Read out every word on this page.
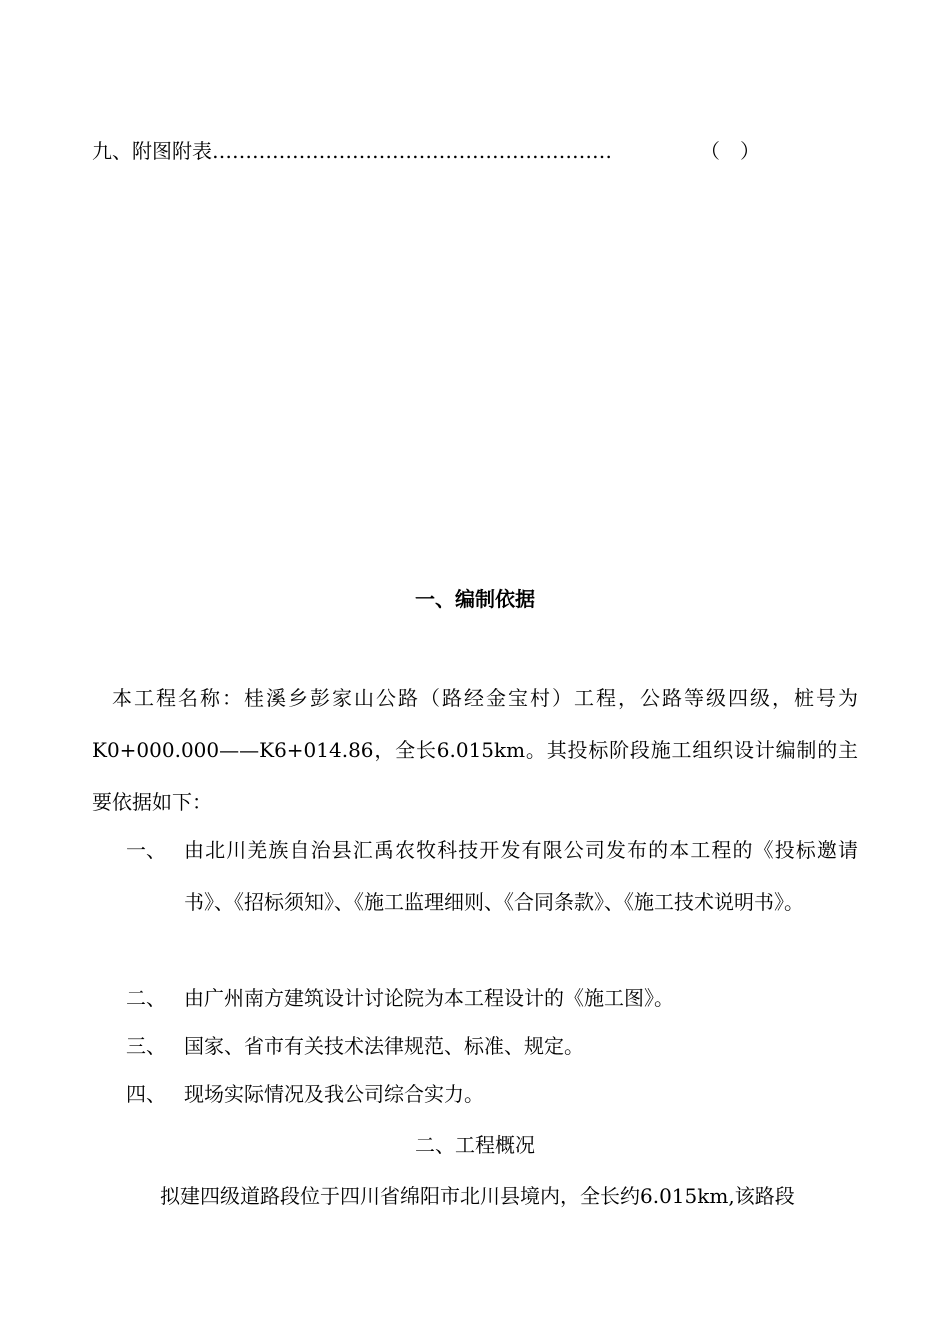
九、附图附表 ……………………………………………………	（　）
一、编制依据
本工程名称：桂溪乡彭家山公路（路经金宝村）工程，公路等级四级，桩号为K0+000.000——K6+014.86，全长6.015km。其投标阶段施工组织设计编制的主要依据如下：
一、 由北川羌族自治县汇禹农牧科技开发有限公司发布的本工程的《投标邀请书》、《招标须知》、《施工监理细则、《合同条款》、《施工技术说明书》。
二、 由广州南方建筑设计讨论院为本工程设计的《施工图》。
三、 国家、省市有关技术法律规范、标准、规定。
四、 现场实际情况及我公司综合实力。
二、工程概况
拟建四级道路段位于四川省绵阳市北川县境内，全长约6.015km,该路段
